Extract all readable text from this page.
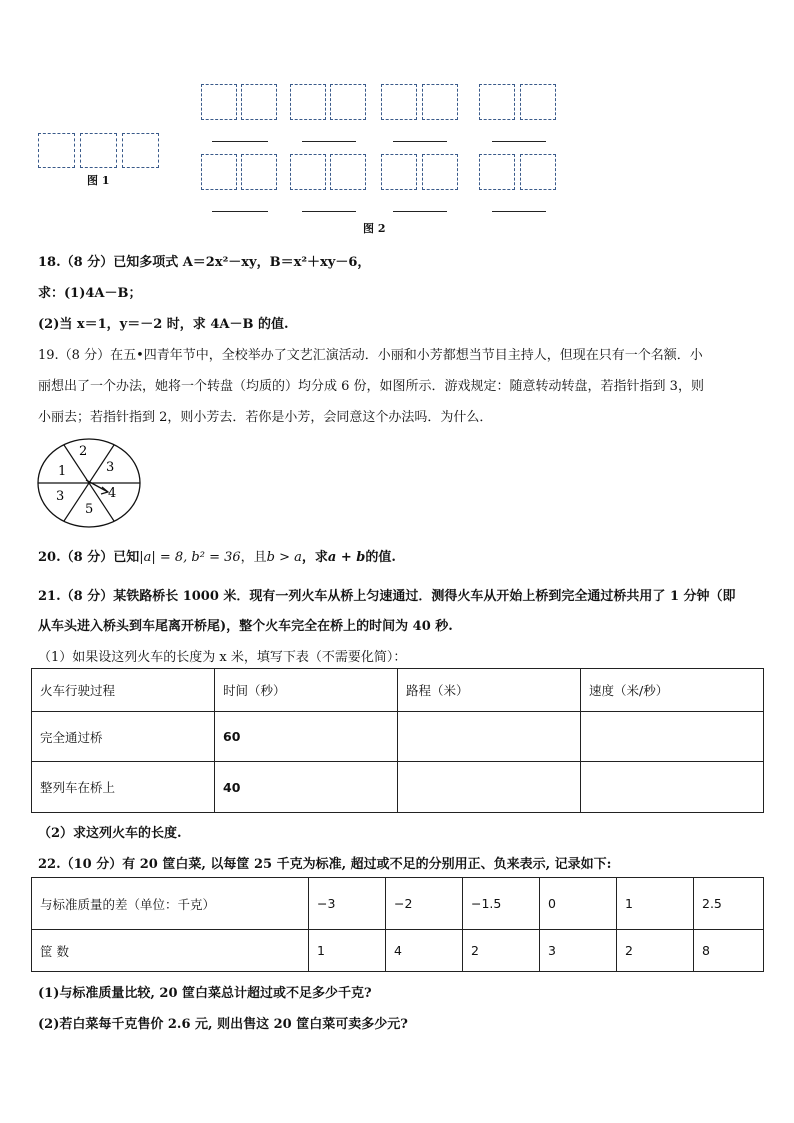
图 1
图 2
18.（8 分）已知多项式 A＝2x²－xy，B＝x²＋xy－6，
求：(1)4A－B；
(2)当 x＝1，y＝－2 时，求 4A－B 的值.
19.（8 分）在五•四青年节中，全校举办了文艺汇演活动．小丽和小芳都想当节目主持人，但现在只有一个名额．小
丽想出了一个办法，她将一个转盘（均质的）均分成 6 份，如图所示．游戏规定：随意转动转盘，若指针指到 3，则
小丽去；若指针指到 2，则小芳去．若你是小芳，会同意这个办法吗．为什么．
1
2
3
4
5
3
20.（8 分）已知|a| = 8, b² = 36，且b > a，求a + b的值.
21.（8 分）某铁路桥长 1000 米．现有一列火车从桥上匀速通过．测得火车从开始上桥到完全通过桥共用了 1 分钟（即
从车头进入桥头到车尾离开桥尾)，整个火车完全在桥上的时间为 40 秒.
（1）如果设这列火车的长度为 x 米，填写下表（不需要化简）：
火车行驶过程	时间（秒）	路程（米）	速度（米/秒）
完全通过桥	60		
整列车在桥上	40		
（2）求这列火车的长度.
22.（10 分）有 20 筐白菜, 以每筐 25 千克为标准, 超过或不足的分别用正、负来表示, 记录如下:
与标准质量的差（单位：千克）	−3	−2	−1.5	0	1	2.5
筐 数	1	4	2	3	2	8
(1)与标准质量比较, 20 筐白菜总计超过或不足多少千克?
(2)若白菜每千克售价 2.6 元, 则出售这 20 筐白菜可卖多少元?
